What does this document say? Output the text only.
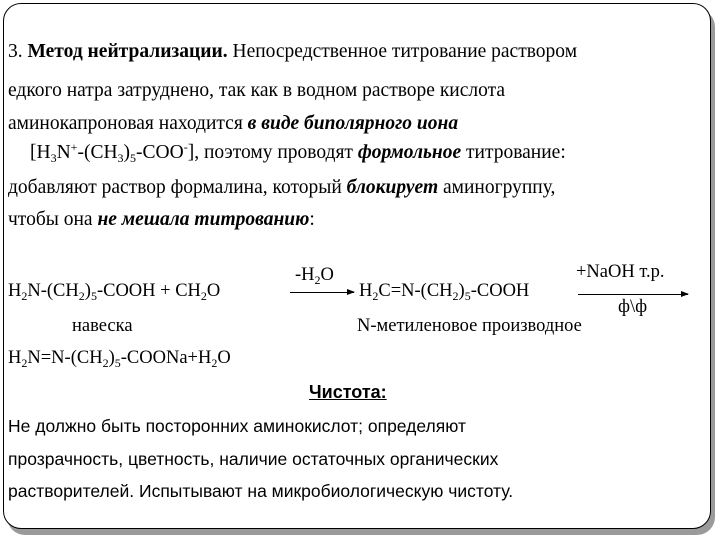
3. Метод нейтрализации. Непосредственное титрование раствором
едкого натра затруднено, так как в водном растворе кислота
аминокапроновая находится в виде биполярного иона
$[H_3N^+-(CH_3)_5-COO^-]$, поэтому проводят формольное титрование:
добавляют раствор формалина, который блокирует аминогруппу,
чтобы она не мешала титрованию:
$H_2N-(CH_2)_5$-COOH + $CH_2O$
$-H_2O$
→ $H_2C=N-(CH_2)_5$-COOH
+NaOH т.р.
ф\ф
навеска	N-метиленовое производное
$H_2N=N-(CH_2)_5-COONa+H_2O$
Чистота:
Не должно быть посторонних аминокислот; определяют
прозрачность, цветность, наличие остаточных органических
растворителей. Испытывают на микробиологическую чистоту.
